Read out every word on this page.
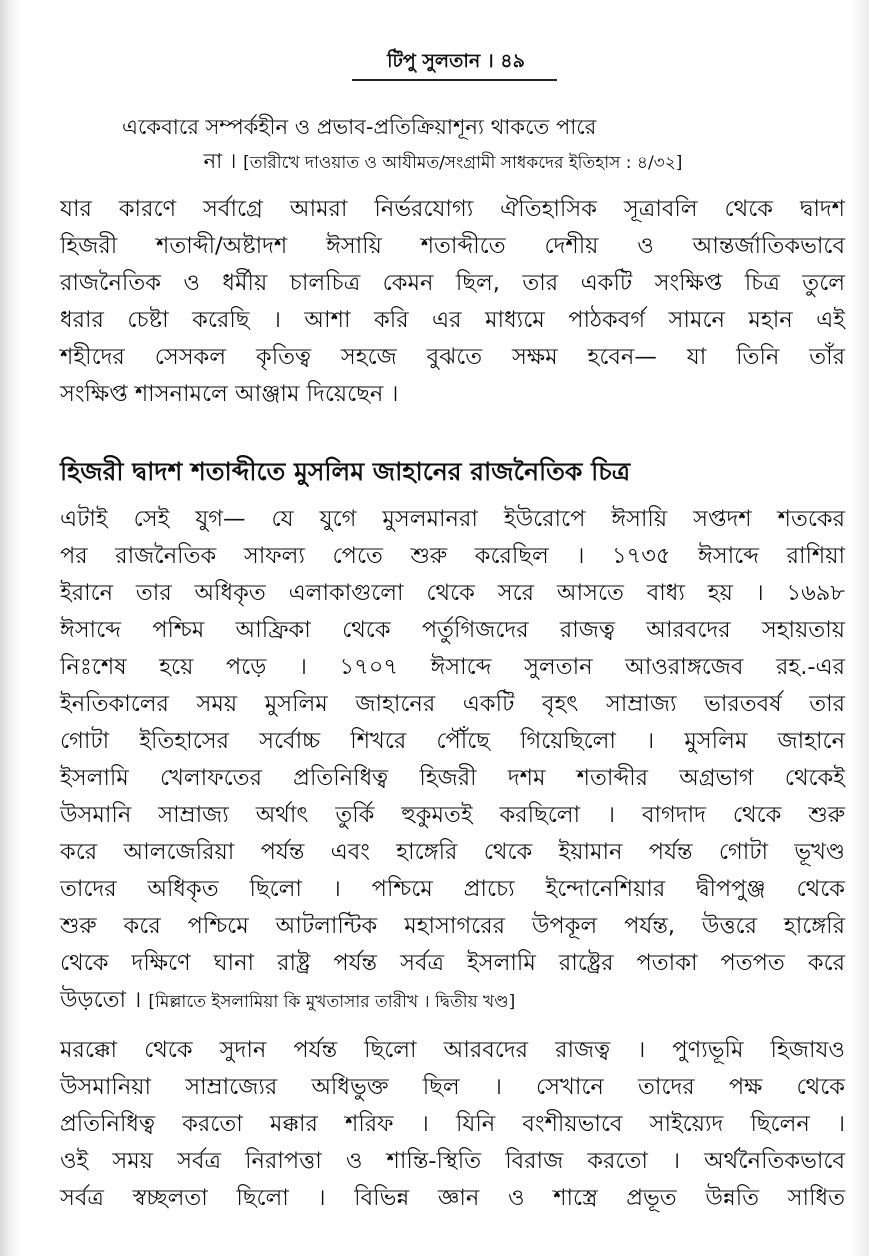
টিপু সুলতান । ৪৯
একেবারে সম্পর্কহীন ও প্রভাব-প্রতিক্রিয়াশূন্য থাকতে পারে
না । [তারীখে দাওয়াত ও আযীমত/সংগ্রামী সাধকদের ইতিহাস : ৪/৩২]
যার কারণে সর্বাগ্রে আমরা নির্ভরযোগ্য ঐতিহাসিক সূত্রাবলি থেকে দ্বাদশ
হিজরী শতাব্দী/অষ্টাদশ ঈসায়ি শতাব্দীতে দেশীয় ও আন্তর্জাতিকভাবে
রাজনৈতিক ও ধর্মীয় চালচিত্র কেমন ছিল, তার একটি সংক্ষিপ্ত চিত্র তুলে
ধরার চেষ্টা করেছি । আশা করি এর মাধ্যমে পাঠকবর্গ সামনে মহান এই
শহীদের সেসকল কৃতিত্ব সহজে বুঝতে সক্ষম হবেন— যা তিনি তাঁর
সংক্ষিপ্ত শাসনামলে আঞ্জাম দিয়েছেন ।
হিজরী দ্বাদশ শতাব্দীতে মুসলিম জাহানের রাজনৈতিক চিত্র
এটাই সেই যুগ— যে যুগে মুসলমানরা ইউরোপে ঈসায়ি সপ্তদশ শতকের
পর রাজনৈতিক সাফল্য পেতে শুরু করেছিল । ১৭৩৫ ঈসাব্দে রাশিয়া
ইরানে তার অধিকৃত এলাকাগুলো থেকে সরে আসতে বাধ্য হয় । ১৬৯৮
ঈসাব্দে পশ্চিম আফ্রিকা থেকে পর্তুগিজদের রাজত্ব আরবদের সহায়তায়
নিঃশেষ হয়ে পড়ে । ১৭০৭ ঈসাব্দে সুলতান আওরাঙ্গজেব রহ.-এর
ইনতিকালের সময় মুসলিম জাহানের একটি বৃহৎ সাম্রাজ্য ভারতবর্ষ তার
গোটা ইতিহাসের সর্বোচ্চ শিখরে পৌঁছে গিয়েছিলো । মুসলিম জাহানে
ইসলামি খেলাফতের প্রতিনিধিত্ব হিজরী দশম শতাব্দীর অগ্রভাগ থেকেই
উসমানি সাম্রাজ্য অর্থাৎ তুর্কি হুকুমতই করছিলো । বাগদাদ থেকে শুরু
করে আলজেরিয়া পর্যন্ত এবং হাঙ্গেরি থেকে ইয়ামান পর্যন্ত গোটা ভূখণ্ড
তাদের অধিকৃত ছিলো । পশ্চিমে প্রাচ্যে ইন্দোনেশিয়ার দ্বীপপুঞ্জ থেকে
শুরু করে পশ্চিমে আটলান্টিক মহাসাগরের উপকূল পর্যন্ত, উত্তরে হাঙ্গেরি
থেকে দক্ষিণে ঘানা রাষ্ট্র পর্যন্ত সর্বত্র ইসলামি রাষ্ট্রের পতাকা পতপত করে
উড়তো । [মিল্লাতে ইসলামিয়া কি মুখতাসার তারীখ । দ্বিতীয় খণ্ড]
মরক্কো থেকে সুদান পর্যন্ত ছিলো আরবদের রাজত্ব । পুণ্যভূমি হিজাযও
উসমানিয়া সাম্রাজ্যের অধিভুক্ত ছিল । সেখানে তাদের পক্ষ থেকে
প্রতিনিধিত্ব করতো মক্কার শরিফ । যিনি বংশীয়ভাবে সাইয়্যেদ ছিলেন ।
ওই সময় সর্বত্র নিরাপত্তা ও শান্তি-স্থিতি বিরাজ করতো । অর্থনৈতিকভাবে
সর্বত্র স্বচ্ছলতা ছিলো । বিভিন্ন জ্ঞান ও শাস্ত্রে প্রভূত উন্নতি সাধিত
